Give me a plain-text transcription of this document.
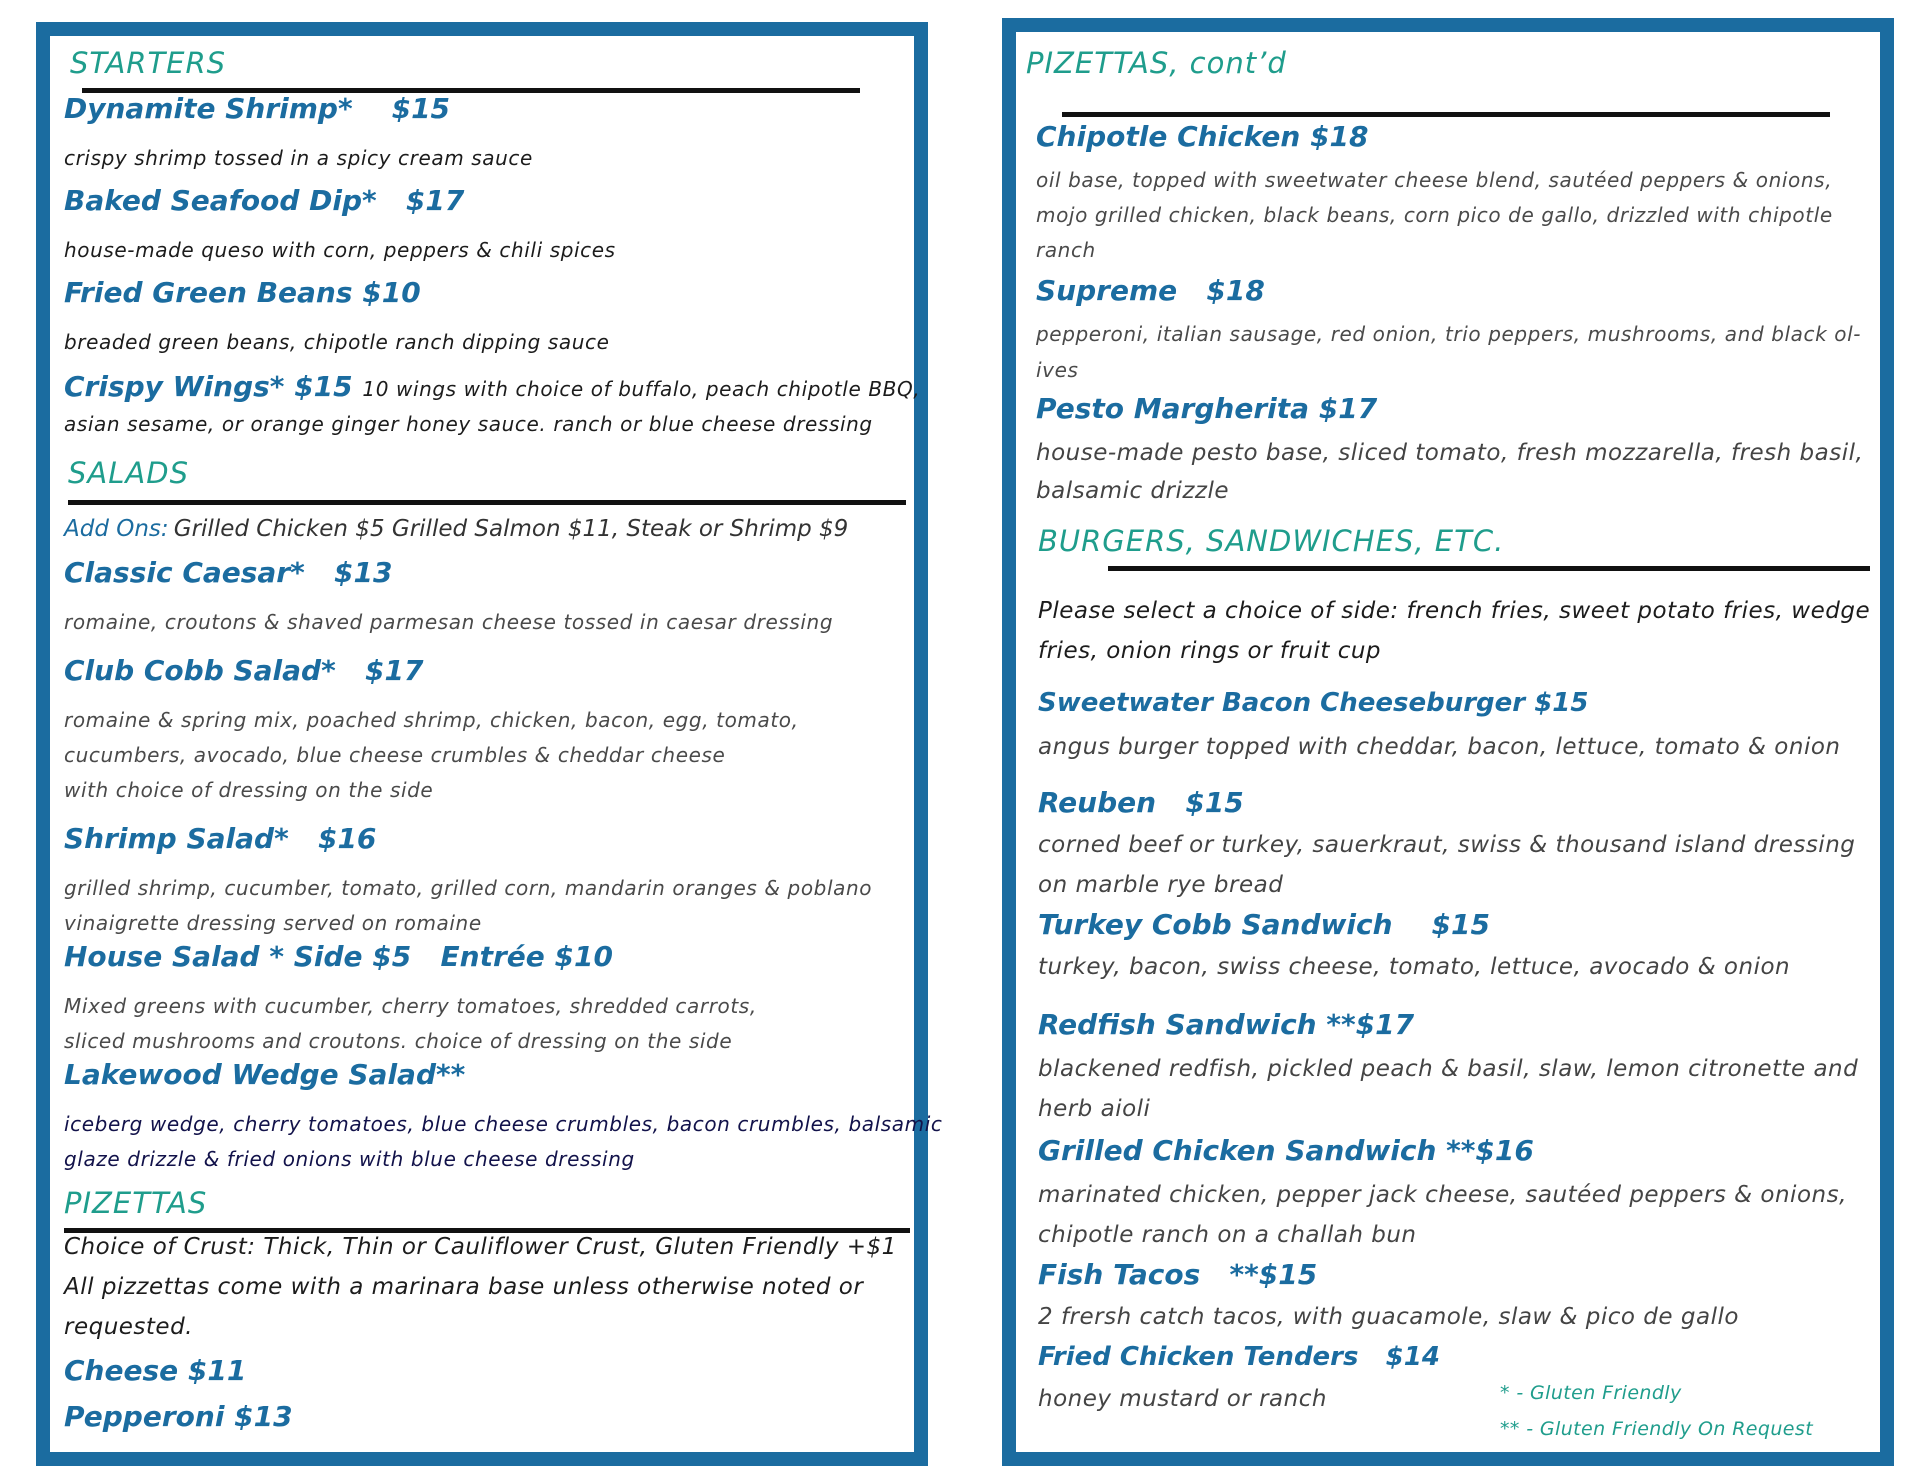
STARTERS
Dynamite Shrimp* $15
crispy shrimp tossed in a spicy cream sauce
Baked Seafood Dip* $17
house-made queso with corn, peppers & chili spices
Fried Green Beans $10
breaded green beans, chipotle ranch dipping sauce
Crispy Wings* $15 10 wings with choice of buffalo, peach chipotle BBQ,
asian sesame, or orange ginger honey sauce. ranch or blue cheese dressing
SALADS
Add Ons: Grilled Chicken $5 Grilled Salmon $11, Steak or Shrimp $9
Classic Caesar* $13
romaine, croutons & shaved parmesan cheese tossed in caesar dressing
Club Cobb Salad* $17
romaine & spring mix, poached shrimp, chicken, bacon, egg, tomato,
cucumbers, avocado, blue cheese crumbles & cheddar cheese
with choice of dressing on the side
Shrimp Salad* $16
grilled shrimp, cucumber, tomato, grilled corn, mandarin oranges & poblano
vinaigrette dressing served on romaine
House Salad * Side $5 Entrée $10
Mixed greens with cucumber, cherry tomatoes, shredded carrots,
sliced mushrooms and croutons. choice of dressing on the side
Lakewood Wedge Salad**
iceberg wedge, cherry tomatoes, blue cheese crumbles, bacon crumbles, balsamic
glaze drizzle & fried onions with blue cheese dressing
PIZETTAS
Choice of Crust: Thick, Thin or Cauliflower Crust, Gluten Friendly +$1
All pizzettas come with a marinara base unless otherwise noted or
requested.
Cheese $11
Pepperoni $13
PIZETTAS, cont’d
Chipotle Chicken $18
oil base, topped with sweetwater cheese blend, sautéed peppers & onions,
mojo grilled chicken, black beans, corn pico de gallo, drizzled with chipotle
ranch
Supreme $18
pepperoni, italian sausage, red onion, trio peppers, mushrooms, and black ol-
ives
Pesto Margherita $17
house-made pesto base, sliced tomato, fresh mozzarella, fresh basil,
balsamic drizzle
BURGERS, SANDWICHES, ETC.
Please select a choice of side: french fries, sweet potato fries, wedge
fries, onion rings or fruit cup
Sweetwater Bacon Cheeseburger $15
angus burger topped with cheddar, bacon, lettuce, tomato & onion
Reuben $15
corned beef or turkey, sauerkraut, swiss & thousand island dressing
on marble rye bread
Turkey Cobb Sandwich $15
turkey, bacon, swiss cheese, tomato, lettuce, avocado & onion
Redfish Sandwich **$17
blackened redfish, pickled peach & basil, slaw, lemon citronette and
herb aioli
Grilled Chicken Sandwich **$16
marinated chicken, pepper jack cheese, sautéed peppers & onions,
chipotle ranch on a challah bun
Fish Tacos **$15
2 frersh catch tacos, with guacamole, slaw & pico de gallo
Fried Chicken Tenders $14
honey mustard or ranch	* - Gluten Friendly
** - Gluten Friendly On Request
